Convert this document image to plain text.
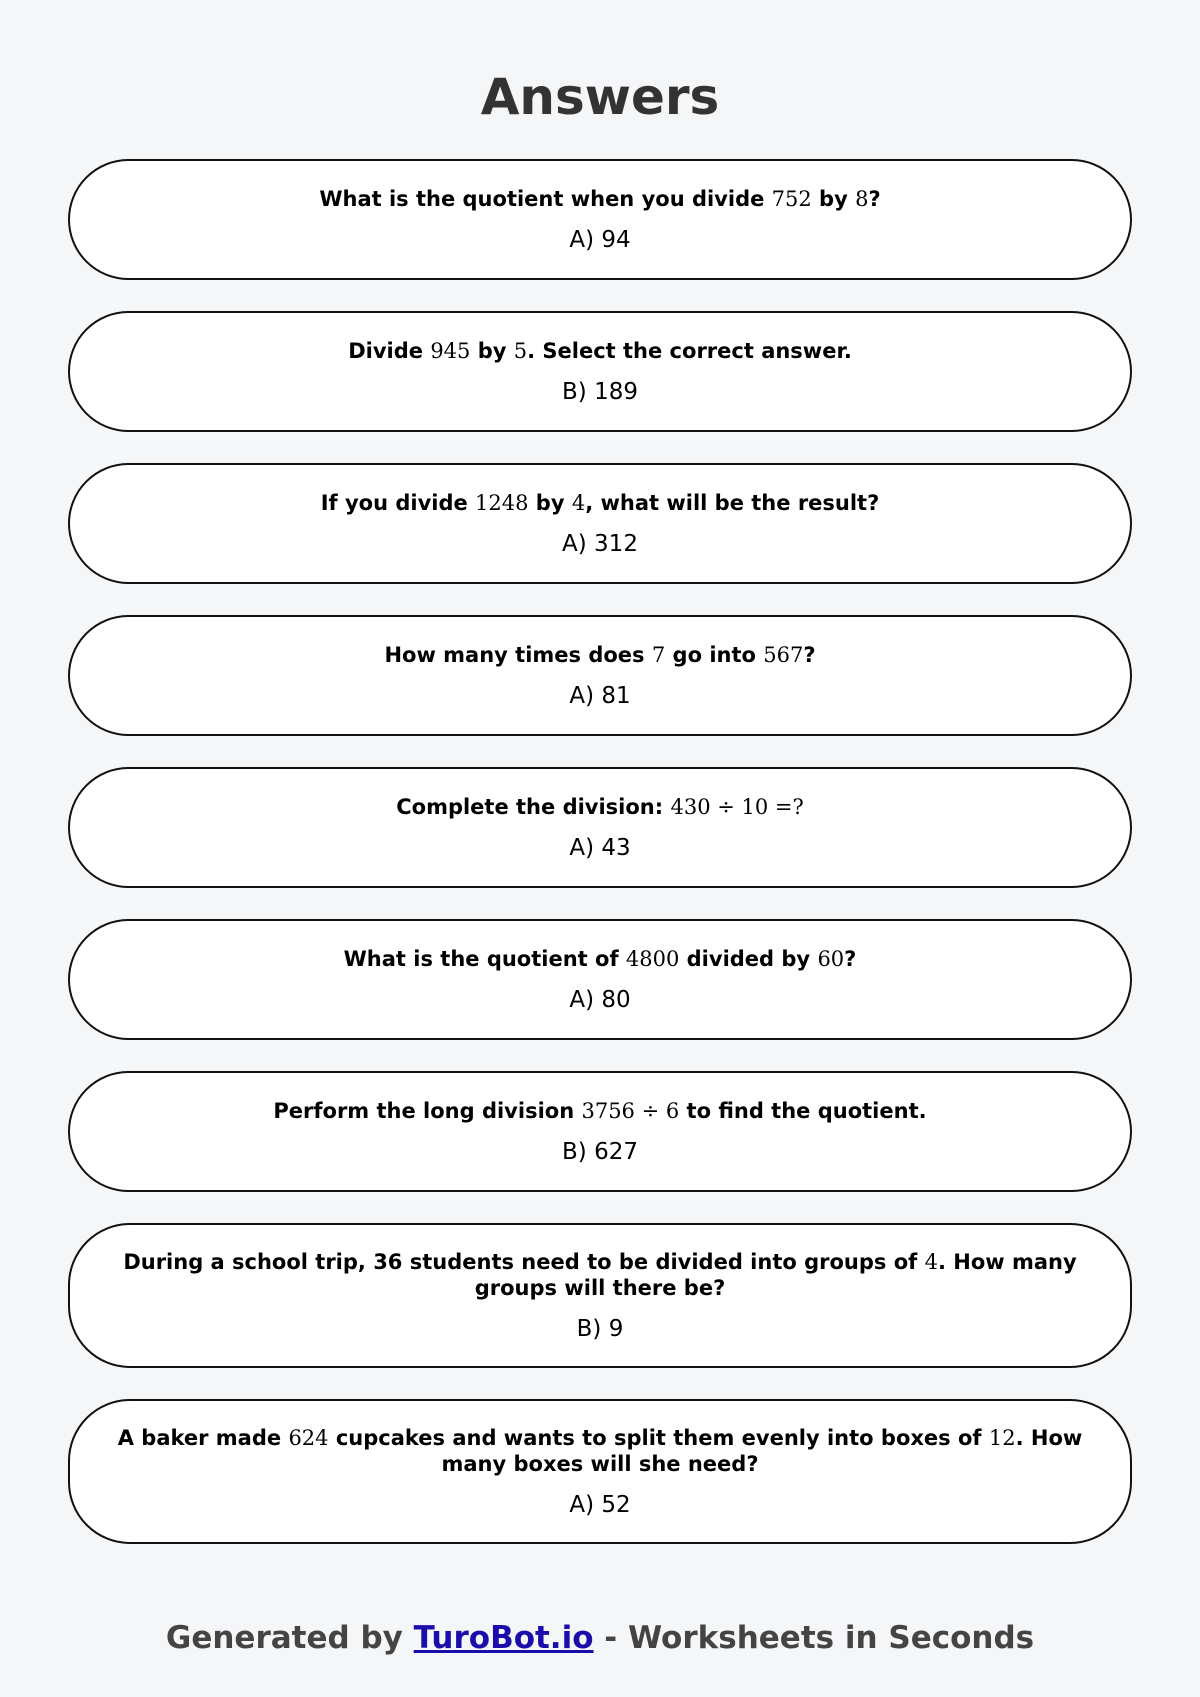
Answers
What is the quotient when you divide 752 by 8?
A) 94
Divide 945 by 5. Select the correct answer.
B) 189
If you divide 1248 by 4, what will be the result?
A) 312
How many times does 7 go into 567?
A) 81
Complete the division: 430 ÷ 10 =?
A) 43
What is the quotient of 4800 divided by 60?
A) 80
Perform the long division 3756 ÷ 6 to find the quotient.
B) 627
During a school trip, 36 students need to be divided into groups of 4. How many groups will there be?
B) 9
A baker made 624 cupcakes and wants to split them evenly into boxes of 12. How many boxes will she need?
A) 52
Generated by TuroBot.io - Worksheets in Seconds
